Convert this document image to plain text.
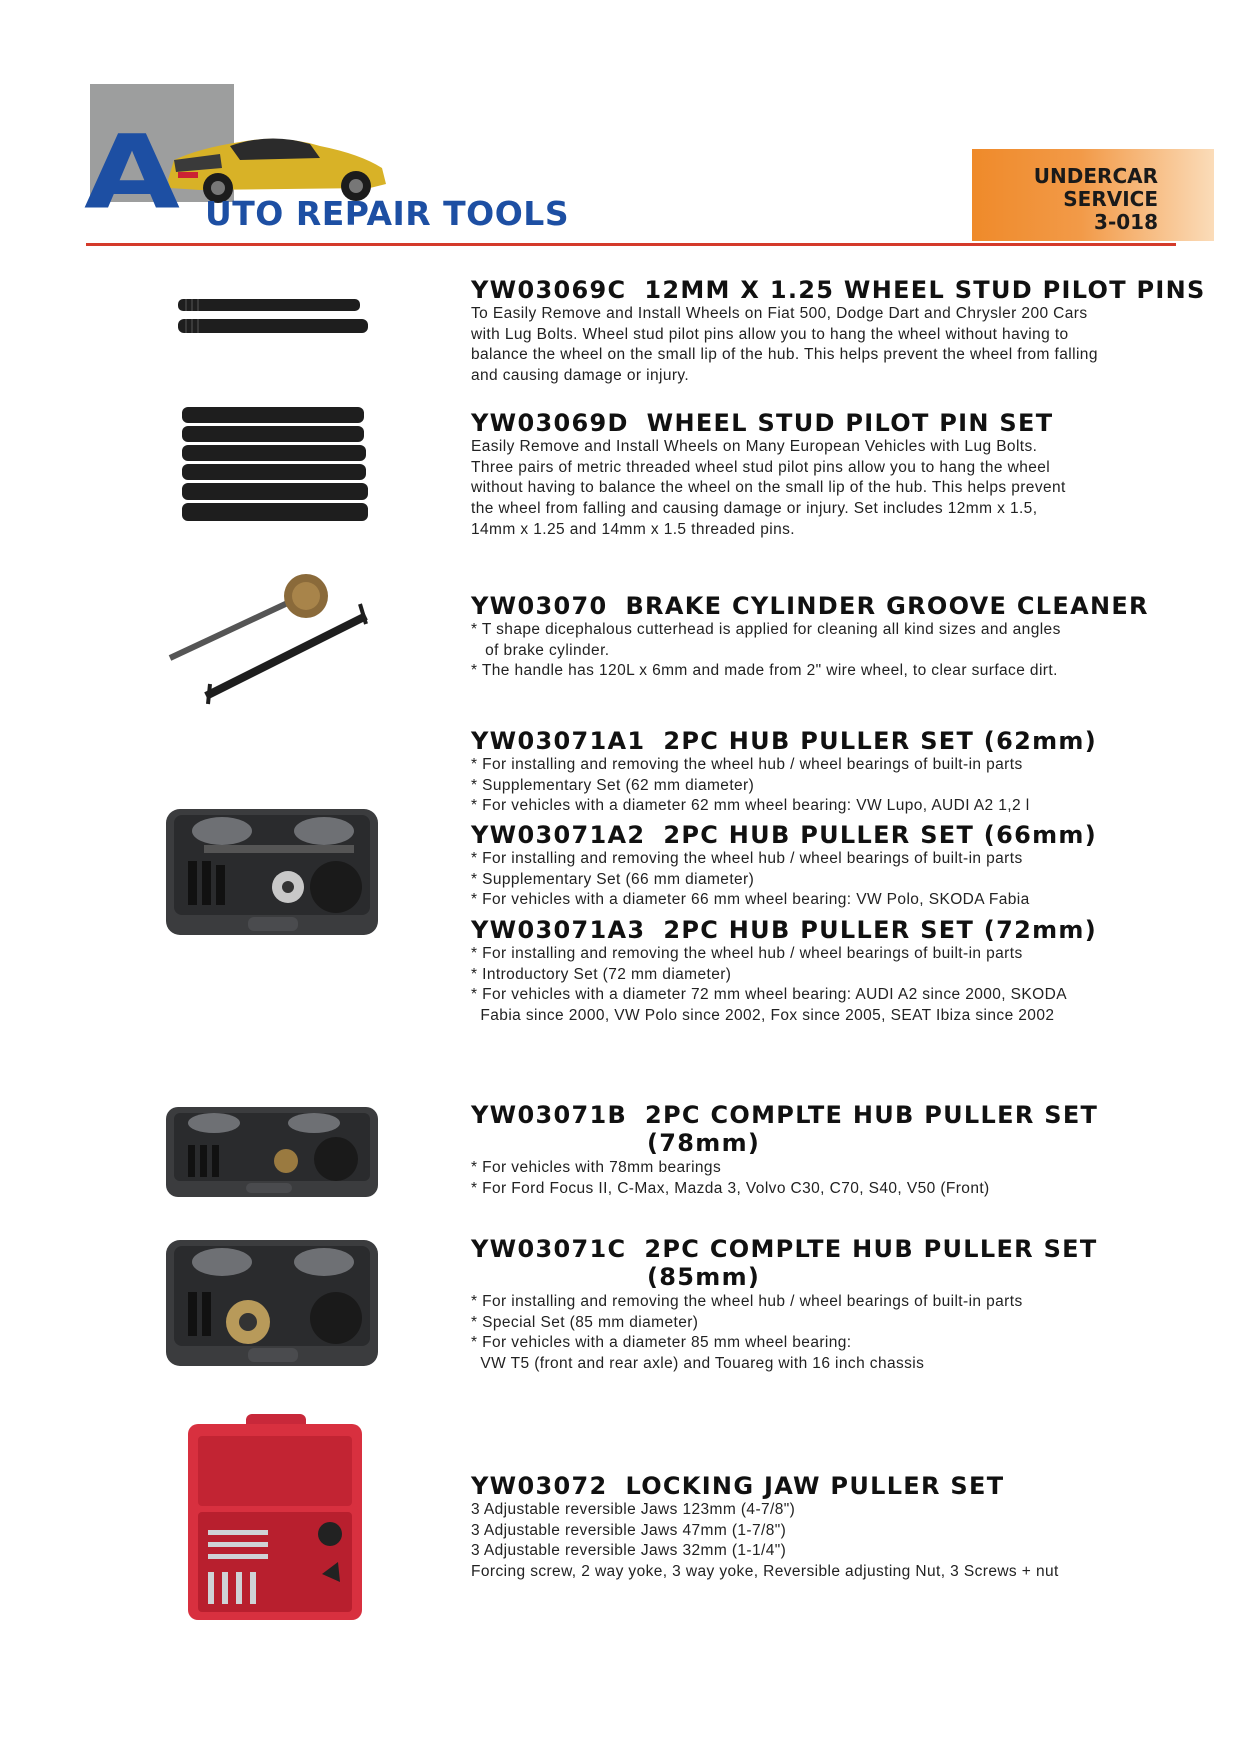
A UTO REPAIR TOOLS
UNDERCAR
SERVICE
3-018
YW03069C 12MM X 1.25 WHEEL STUD PILOT PINS
To Easily Remove and Install Wheels on Fiat 500, Dodge Dart and Chrysler 200 Cars
with Lug Bolts. Wheel stud pilot pins allow you to hang the wheel without having to
balance the wheel on the small lip of the hub. This helps prevent the wheel from falling
and causing damage or injury.
YW03069D WHEEL STUD PILOT PIN SET
Easily Remove and Install Wheels on Many European Vehicles with Lug Bolts.
Three pairs of metric threaded wheel stud pilot pins allow you to hang the wheel
without having to balance the wheel on the small lip of the hub. This helps prevent
the wheel from falling and causing damage or injury. Set includes 12mm x 1.5,
14mm x 1.25 and 14mm x 1.5 threaded pins.
YW03070 BRAKE CYLINDER GROOVE CLEANER
* T shape dicephalous cutterhead is applied for cleaning all kind sizes and angles
of brake cylinder.
* The handle has 120L x 6mm and made from 2" wire wheel, to clear surface dirt.
YW03071A1 2PC HUB PULLER SET (62mm)
* For installing and removing the wheel hub / wheel bearings of built-in parts
* Supplementary Set (62 mm diameter)
* For vehicles with a diameter 62 mm wheel bearing: VW Lupo, AUDI A2 1,2 l
YW03071A2 2PC HUB PULLER SET (66mm)
* For installing and removing the wheel hub / wheel bearings of built-in parts
* Supplementary Set (66 mm diameter)
* For vehicles with a diameter 66 mm wheel bearing: VW Polo, SKODA Fabia
YW03071A3 2PC HUB PULLER SET (72mm)
* For installing and removing the wheel hub / wheel bearings of built-in parts
* Introductory Set (72 mm diameter)
* For vehicles with a diameter 72 mm wheel bearing: AUDI A2 since 2000, SKODA
Fabia since 2000, VW Polo since 2002, Fox since 2005, SEAT Ibiza since 2002
YW03071B 2PC COMPLTE HUB PULLER SET
(78mm)
* For vehicles with 78mm bearings
* For Ford Focus II, C-Max, Mazda 3, Volvo C30, C70, S40, V50 (Front)
YW03071C 2PC COMPLTE HUB PULLER SET
(85mm)
* For installing and removing the wheel hub / wheel bearings of built-in parts
* Special Set (85 mm diameter)
* For vehicles with a diameter 85 mm wheel bearing:
VW T5 (front and rear axle) and Touareg with 16 inch chassis
YW03072 LOCKING JAW PULLER SET
3 Adjustable reversible Jaws 123mm (4-7/8")
3 Adjustable reversible Jaws 47mm (1-7/8")
3 Adjustable reversible Jaws 32mm (1-1/4")
Forcing screw, 2 way yoke, 3 way yoke, Reversible adjusting Nut, 3 Screws + nut
